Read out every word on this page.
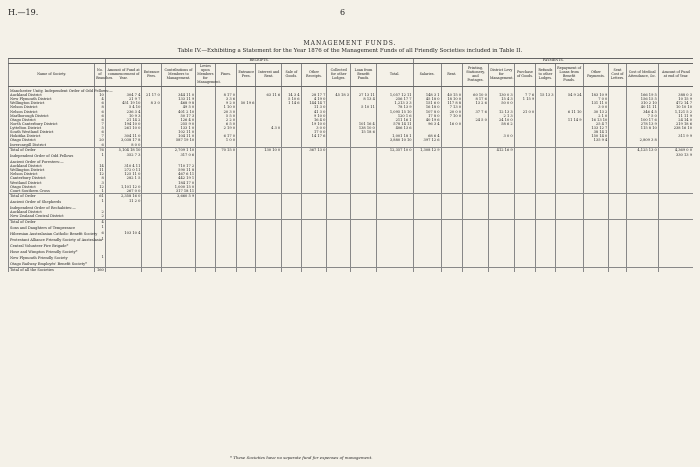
H.—19.	6
MANAGEMENT FUNDS.
Table IV.—Exhibiting a Statement for the Year 1876 of the Management Funds of all Friendly Societies included in Table II.
		RECEIPTS.												PAYMENTS.										
Name of Society.	No. of Branches.	Amount of Fund at commencement of Year.	Entrance Fees.	Contributions of Members to Management.	Levies upon Members for Management.	Fines.	Entrance Fees.	Interest and Rent.	Sale of Goods.	Other Receipts.	Collected for other Lodges.	Loan from Benefit Funds.	Total.	Salaries.	Rent.	Printing, Stationery, and Postages.	District Levy for Management.	Purchase of Goods.	Refunds to other Lodges.	Repayment of Loans from Benefit Funds.	Other Payments.	Sent Cost of Letters.	Cost of Medical Attendance, &c.	Amount of Fund at end of Year.
Manchester Unity, Independent Order of Odd Fellows:—																								
Auckland District	10	304 7 4	21 17 0	344 11 0		8 17 0		63 11 6	14 3 4	28 17 7	45 18 3	27 13 11	1,057 12 11	148 3 1	40 15 0	60 10 0	130 0 3	7 7 6	15 13 3	54 9 24	183 10 9		166 19 5	388 0 3
New Plymouth District	4	21 9 7		133 11 9		3 3 6			5 10 6	4 19 0		8 13 4	256 17 7	45 18 0	18 10 0	8 17 6	15 4 3	1 15 9			7 0 0		156 15 5	10 15 9
Wellington District	6	451 19 10	8 3 0	468 9 8		9 2 0	50 19 6		1 14 6	144 14 7			1,213 3 3	151 6 0	117 8 8	13 2 6	50 0 0				131 11 0		310 2 10	472 14 7
Nelson District	8	5 4 10		49 5 0		1 10 0				11 3 0		5 10 11	78 13 9	16 18 0	7 13 0						3 0 0		40 11 11	10 10 10
Nelson District	6	236 3 4		401 2 10		20 3 0				41 3 0			1,095 15 10	107 8 0	20 0 0	37 7 6	12 13 3	21 0 0		6 11 10	30 13 2		346 4 5	1,121 5 2
Marlborough District	6	10 9 3		50 17 3		5 5 0				9 10 0			120 1 6	17 8 0	7 10 0		2 1 3				2 1 0		7 5 0	11 11 9
Otago District	6	21 14 2		126 4 0		2 2 0				16 4 0			211 16 1	40 19 6		24 5 0	24 10 0			11 14 9	16 13 10		100 17 6	24 14 0
North Canterbury District	7	194 10 0		255 9 0		6 5 0				19 10 0		101 16 4	578 14 11	96 3 4	16 0 0		58 6 2				25 4 7		278 13 9	219 18 6
Lyttelton District	5	261 10 0		133 1 0		2 19 0		4 3 0		3 0 0		138 10 0	406 13 6								133 12 7		115 8 10	238 16 10
South Westland District	6			102 11 0						17 0 0		15 18 6									38 14 1			
Hokitika District	7	304 11 0		104 11 0		6 17 0				14 17 6			1,001 18 1	68 6 4			3 0 0				150 14 0			311 9 9
Otago District	20	3,038 17 8		587 19 10		1 0 0							3,880 10 10	397 12 6							135 9 4		2,809 3 8	
Invercargill District	6	8 0 0																						
Total of Order	76	5,104 18 10		2,709 1 10		70 15 0		130 10 0		367 13 0			12,357 10 0	1,308 12 9			412 16 9						4,125 13 0	4,369 0 0
Independent Order of Odd Fellows	1	352 7 3		317 0 6																				330 13 9
Ancient Order of Foresters:—																								
Auckland District	14	310 4 11		710 17 2																				
Wellington District	11	272 0 11		590 11 8																				
Nelson District	12	125 11 0		467 6 11																				
Canterbury District	8	282 1 5		442 19 1																				
Westland District	3			184 17 0																				
Otago District	12	1,101 12 0		1,000 15 0																				
Court Southern Cross	1	267 0 0		317 18 11																				
Total of Order	61	2,358 16 0		3,660 5 9																				
Ancient Order of Shepherds	1	11 2 0																						
Independent Order of Rechabites:—																								
Auckland District	2																							
New Zealand Central District	2																							
Total of Order	4																							
Sons and Daughters of Temperance	1																							
Hibernian Australasian Catholic Benefit Society	6	103 10 4																						
Protestant Alliance Friendly Society of Australasia	1																							
Central Volunteer Fire Brigade*																								
Hose and Wimpton Friendly Society*																								
New Plymouth Friendly Society	1																							
Otago Railway Employés' Benefit Society*																								
Total of all the Societies	160																							
* These Societies have no separate fund for expenses of management.
